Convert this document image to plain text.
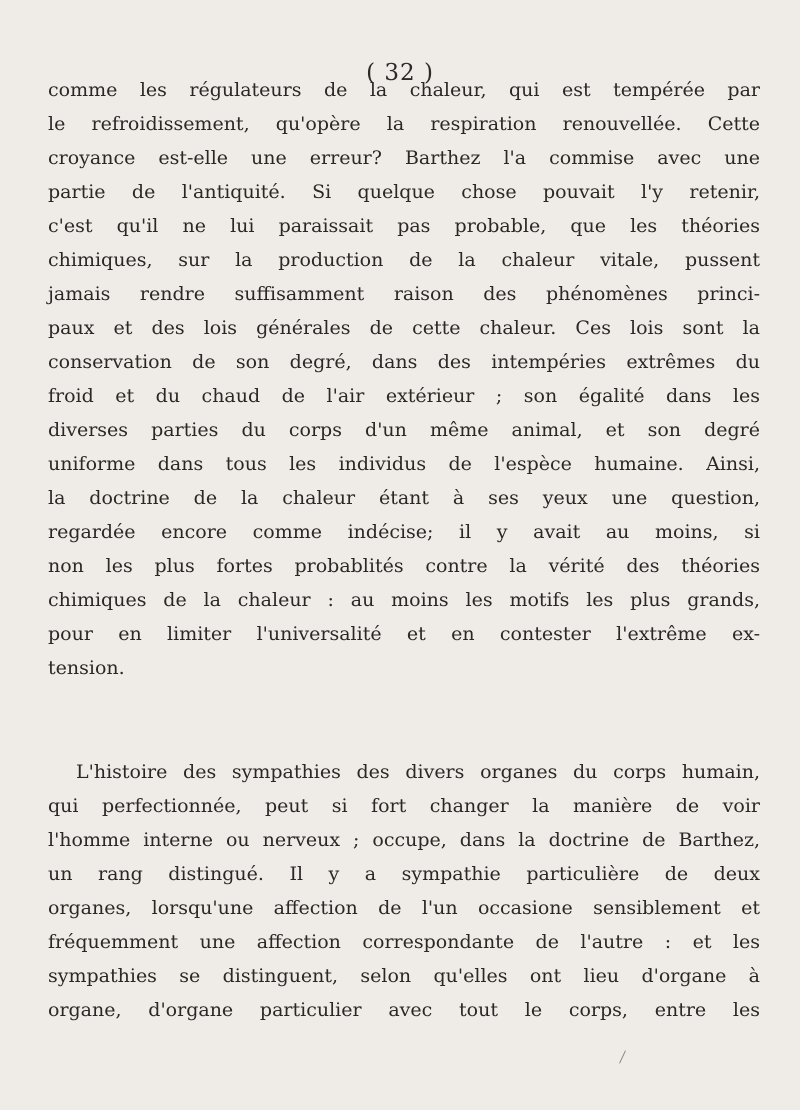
( 32 )
comme les régulateurs de la chaleur, qui est tempérée par
le refroidissement, qu'opère la respiration renouvellée. Cette
croyance est-elle une erreur? Barthez l'a commise avec une
partie de l'antiquité. Si quelque chose pouvait l'y retenir,
c'est qu'il ne lui paraissait pas probable, que les théories
chimiques, sur la production de la chaleur vitale, pussent
jamais rendre suffisamment raison des phénomènes princi-
paux et des lois générales de cette chaleur. Ces lois sont la
conservation de son degré, dans des intempéries extrêmes du
froid et du chaud de l'air extérieur ; son égalité dans les
diverses parties du corps d'un même animal, et son degré
uniforme dans tous les individus de l'espèce humaine. Ainsi,
la doctrine de la chaleur étant à ses yeux une question,
regardée encore comme indécise; il y avait au moins, si
non les plus fortes probablités contre la vérité des théories
chimiques de la chaleur : au moins les motifs les plus grands,
pour en limiter l'universalité et en contester l'extrême ex-
tension.
L'histoire des sympathies des divers organes du corps humain,
qui perfectionnée, peut si fort changer la manière de voir
l'homme interne ou nerveux ; occupe, dans la doctrine de Barthez,
un rang distingué. Il y a sympathie particulière de deux
organes, lorsqu'une affection de l'un occasione sensiblement et
fréquemment une affection correspondante de l'autre : et les
sympathies se distinguent, selon qu'elles ont lieu d'organe à
organe, d'organe particulier avec tout le corps, entre les
